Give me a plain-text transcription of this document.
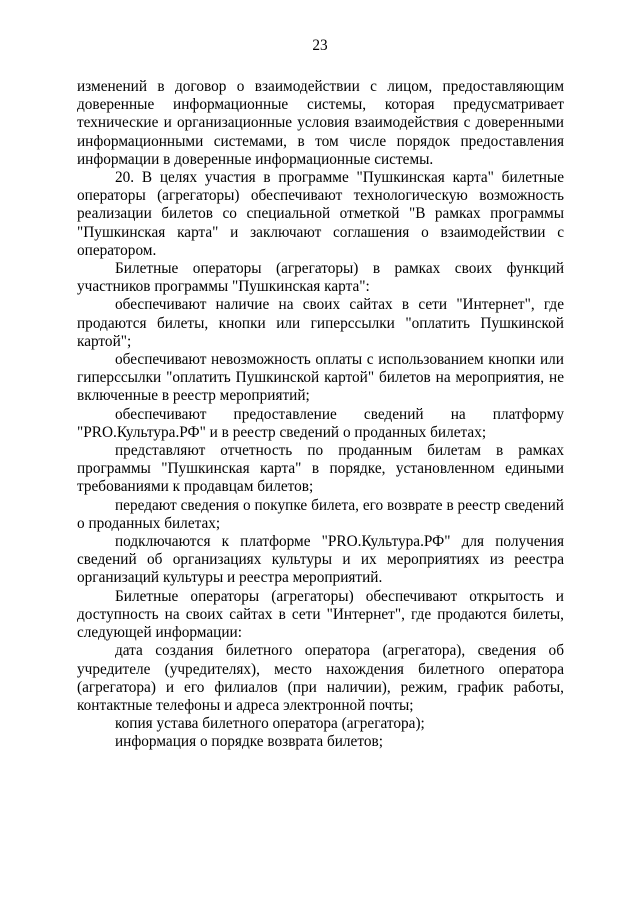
23

изменений в договор о взаимодействии с лицом, предоставляющим доверенные информационные системы, которая предусматривает технические и организационные условия взаимодействия с доверенными информационными системами, в том числе порядок предоставления информации в доверенные информационные системы.

20. В целях участия в программе "Пушкинская карта" билетные операторы (агрегаторы) обеспечивают технологическую возможность реализации билетов со специальной отметкой "В рамках программы "Пушкинская карта" и заключают соглашения о взаимодействии с оператором.

Билетные операторы (агрегаторы) в рамках своих функций участников программы "Пушкинская карта":

обеспечивают наличие на своих сайтах в сети "Интернет", где продаются билеты, кнопки или гиперссылки "оплатить Пушкинской картой";

обеспечивают невозможность оплаты с использованием кнопки или гиперссылки "оплатить Пушкинской картой" билетов на мероприятия, не включенные в реестр мероприятий;

обеспечивают предоставление сведений на платформу "PRO.Культура.РФ" и в реестр сведений о проданных билетах;

представляют отчетность по проданным билетам в рамках программы "Пушкинская карта" в порядке, установленном едиными требованиями к продавцам билетов;

передают сведения о покупке билета, его возврате в реестр сведений о проданных билетах;

подключаются к платформе "PRO.Культура.РФ" для получения сведений об организациях культуры и их мероприятиях из реестра организаций культуры и реестра мероприятий.

Билетные операторы (агрегаторы) обеспечивают открытость и доступность на своих сайтах в сети "Интернет", где продаются билеты, следующей информации:

дата создания билетного оператора (агрегатора), сведения об учредителе (учредителях), место нахождения билетного оператора (агрегатора) и его филиалов (при наличии), режим, график работы, контактные телефоны и адреса электронной почты;

копия устава билетного оператора (агрегатора);

информация о порядке возврата билетов;
